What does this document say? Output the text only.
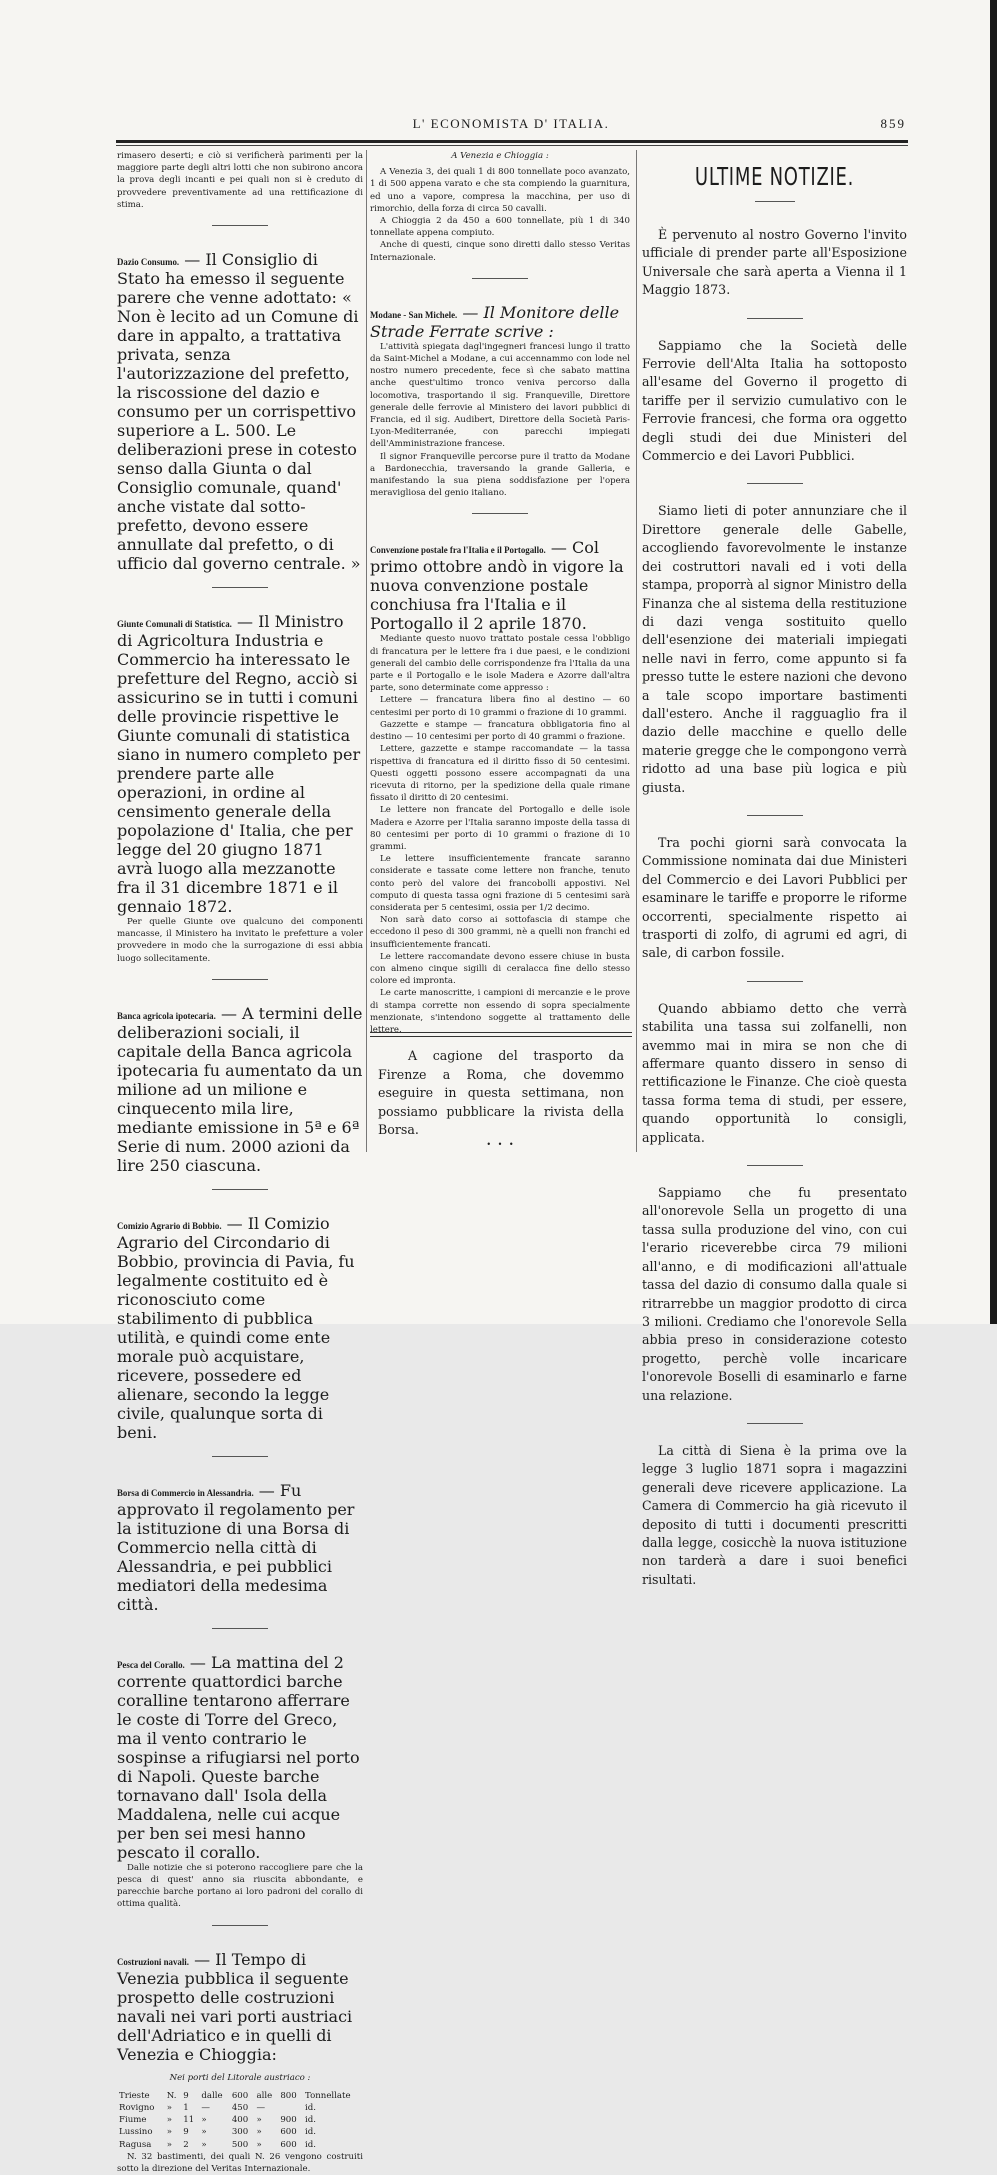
L' ECONOMISTA D' ITALIA.	859

rimasero deserti; e ciò si verificherà parimenti per la maggiore parte degli altri lotti che non subirono ancora la prova degli incanti e pei quali non si è creduto di provvedere preventivamente ad una rettificazione di stima.

Dazio Consumo. — Il Consiglio di Stato ha emesso il seguente parere che venne adottato: « Non è lecito ad un Comune di dare in appalto, a trattativa privata, senza l'autorizzazione del prefetto, la riscossione del dazio e consumo per un corrispettivo superiore a L. 500. Le deliberazioni prese in cotesto senso dalla Giunta o dal Consiglio comunale, quand' anche vistate dal sotto-prefetto, devono essere annullate dal prefetto, o di ufficio dal governo centrale. »

Giunte Comunali di Statistica. — Il Ministro di Agricoltura Industria e Commercio ha interessato le prefetture del Regno, acciò si assicurino se in tutti i comuni delle provincie rispettive le Giunte comunali di statistica siano in numero completo per prendere parte alle operazioni, in ordine al censimento generale della popolazione d' Italia, che per legge del 20 giugno 1871 avrà luogo alla mezzanotte fra il 31 dicembre 1871 e il gennaio 1872.

Per quelle Giunte ove qualcuno dei componenti mancasse, il Ministero ha invitato le prefetture a voler provvedere in modo che la surrogazione di essi abbia luogo sollecitamente.

Banca agricola ipotecaria. — A termini delle deliberazioni sociali, il capitale della Banca agricola ipotecaria fu aumentato da un milione ad un milione e cinquecento mila lire, mediante emissione in 5ª e 6ª Serie di num. 2000 azioni da lire 250 ciascuna.

Comizio Agrario di Bobbio. — Il Comizio Agrario del Circondario di Bobbio, provincia di Pavia, fu legalmente costituito ed è riconosciuto come stabilimento di pubblica utilità, e quindi come ente morale può acquistare, ricevere, possedere ed alienare, secondo la legge civile, qualunque sorta di beni.

Borsa di Commercio in Alessandria. — Fu approvato il regolamento per la istituzione di una Borsa di Commercio nella città di Alessandria, e pei pubblici mediatori della medesima città.

Pesca del Corallo. — La mattina del 2 corrente quattordici barche coralline tentarono afferrare le coste di Torre del Greco, ma il vento contrario le sospinse a rifugiarsi nel porto di Napoli. Queste barche tornavano dall' Isola della Maddalena, nelle cui acque per ben sei mesi hanno pescato il corallo.

Dalle notizie che si poterono raccogliere pare che la pesca di quest' anno sia riuscita abbondante, e parecchie barche portano ai loro padroni del corallo di ottima qualità.

Costruzioni navali. — Il Tempo di Venezia pubblica il seguente prospetto delle costruzioni navali nei vari porti austriaci dell'Adriatico e in quelli di Venezia e Chioggia:

Nei porti del Litorale austriaco :

Trieste	N.	9	dalle	600	alle	800	Tonnellate
Rovigno	»	1	—	450	—		id.
Fiume	»	11	»	400	»	900	id.
Lussino	»	9	»	300	»	600	id.
Ragusa	»	2	»	500	»	600	id.

N. 32 bastimenti, dei quali N. 26 vengono costruiti sotto la direzione del Veritas Internazionale.

A Venezia e Chioggia :

A Venezia 3, dei quali 1 di 800 tonnellate poco avanzato, 1 di 500 appena varato e che sta compiendo la guarnitura, ed uno a vapore, compresa la macchina, per uso di rimorchio, della forza di circa 50 cavalli.

A Chioggia 2 da 450 a 600 tonnellate, più 1 di 340 tonnellate appena compiuto.

Anche di questi, cinque sono diretti dallo stesso Veritas Internazionale.

Modane - San Michele. — Il Monitore delle Strade Ferrate scrive :

L'attività spiegata dagl'ingegneri francesi lungo il tratto da Saint-Michel a Modane, a cui accennammo con lode nel nostro numero precedente, fece sì che sabato mattina anche quest'ultimo tronco veniva percorso dalla locomotiva, trasportando il sig. Franqueville, Direttore generale delle ferrovie al Ministero dei lavori pubblici di Francia, ed il sig. Audibert, Direttore della Società Paris-Lyon-Mediterranée, con parecchi impiegati dell'Amministrazione francese.

Il signor Franqueville percorse pure il tratto da Modane a Bardonecchia, traversando la grande Galleria, e manifestando la sua piena soddisfazione per l'opera meravigliosa del genio italiano.

Convenzione postale fra l'Italia e il Portogallo. — Col primo ottobre andò in vigore la nuova convenzione postale conchiusa fra l'Italia e il Portogallo il 2 aprile 1870.

Mediante questo nuovo trattato postale cessa l'obbligo di francatura per le lettere fra i due paesi, e le condizioni generali del cambio delle corrispondenze fra l'Italia da una parte e il Portogallo e le isole Madera e Azorre dall'altra parte, sono determinate come appresso :

Lettere — francatura libera fino al destino — 60 centesimi per porto di 10 grammi o frazione di 10 grammi.

Gazzette e stampe — francatura obbligatoria fino al destino — 10 centesimi per porto di 40 grammi o frazione.

Lettere, gazzette e stampe raccomandate — la tassa rispettiva di francatura ed il diritto fisso di 50 centesimi. Questi oggetti possono essere accompagnati da una ricevuta di ritorno, per la spedizione della quale rimane fissato il diritto di 20 centesimi.

Le lettere non francate del Portogallo e delle isole Madera e Azorre per l'Italia saranno imposte della tassa di 80 centesimi per porto di 10 grammi o frazione di 10 grammi.

Le lettere insufficientemente francate saranno considerate e tassate come lettere non franche, tenuto conto però del valore dei francobolli appostivi. Nel computo di questa tassa ogni frazione di 5 centesimi sarà considerata per 5 centesimi, ossia per 1/2 decimo.

Non sarà dato corso ai sottofascia di stampe che eccedono il peso di 300 grammi, nè a quelli non franchi ed insufficientemente francati.

Le lettere raccomandate devono essere chiuse in busta con almeno cinque sigilli di ceralacca fine dello stesso colore ed impronta.

Le carte manoscritte, i campioni di mercanzie e le prove di stampa corrette non essendo di sopra specialmente menzionate, s'intendono soggette al trattamento delle lettere.

A cagione del trasporto da Firenze a Roma, che dovemmo eseguire in questa settimana, non possiamo pubblicare la rivista della Borsa.

• • •
ULTIME NOTIZIE.

È pervenuto al nostro Governo l'invito ufficiale di prender parte all'Esposizione Universale che sarà aperta a Vienna il 1 Maggio 1873.

Sappiamo che la Società delle Ferrovie dell'Alta Italia ha sottoposto all'esame del Governo il progetto di tariffe per il servizio cumulativo con le Ferrovie francesi, che forma ora oggetto degli studi dei due Ministeri del Commercio e dei Lavori Pubblici.

Siamo lieti di poter annunziare che il Direttore generale delle Gabelle, accogliendo favorevolmente le instanze dei costruttori navali ed i voti della stampa, proporrà al signor Ministro della Finanza che al sistema della restituzione di dazi venga sostituito quello dell'esenzione dei materiali impiegati nelle navi in ferro, come appunto si fa presso tutte le estere nazioni che devono a tale scopo importare bastimenti dall'estero. Anche il ragguaglio fra il dazio delle macchine e quello delle materie gregge che le compongono verrà ridotto ad una base più logica e più giusta.

Tra pochi giorni sarà convocata la Commissione nominata dai due Ministeri del Commercio e dei Lavori Pubblici per esaminare le tariffe e proporre le riforme occorrenti, specialmente rispetto ai trasporti di zolfo, di agrumi ed agri, di sale, di carbon fossile.

Quando abbiamo detto che verrà stabilita una tassa sui zolfanelli, non avemmo mai in mira se non che di affermare quanto dissero in senso di rettificazione le Finanze. Che cioè questa tassa forma tema di studi, per essere, quando opportunità lo consigli, applicata.

Sappiamo che fu presentato all'onorevole Sella un progetto di una tassa sulla produzione del vino, con cui l'erario riceverebbe circa 79 milioni all'anno, e di modificazioni all'attuale tassa del dazio di consumo dalla quale si ritrarrebbe un maggior prodotto di circa 3 milioni. Crediamo che l'onorevole Sella abbia preso in considerazione cotesto progetto, perchè volle incaricare l'onorevole Boselli di esaminarlo e farne una relazione.

La città di Siena è la prima ove la legge 3 luglio 1871 sopra i magazzini generali deve ricevere applicazione. La Camera di Commercio ha già ricevuto il deposito di tutti i documenti prescritti dalla legge, cosicchè la nuova istituzione non tarderà a dare i suoi benefici risultati.
